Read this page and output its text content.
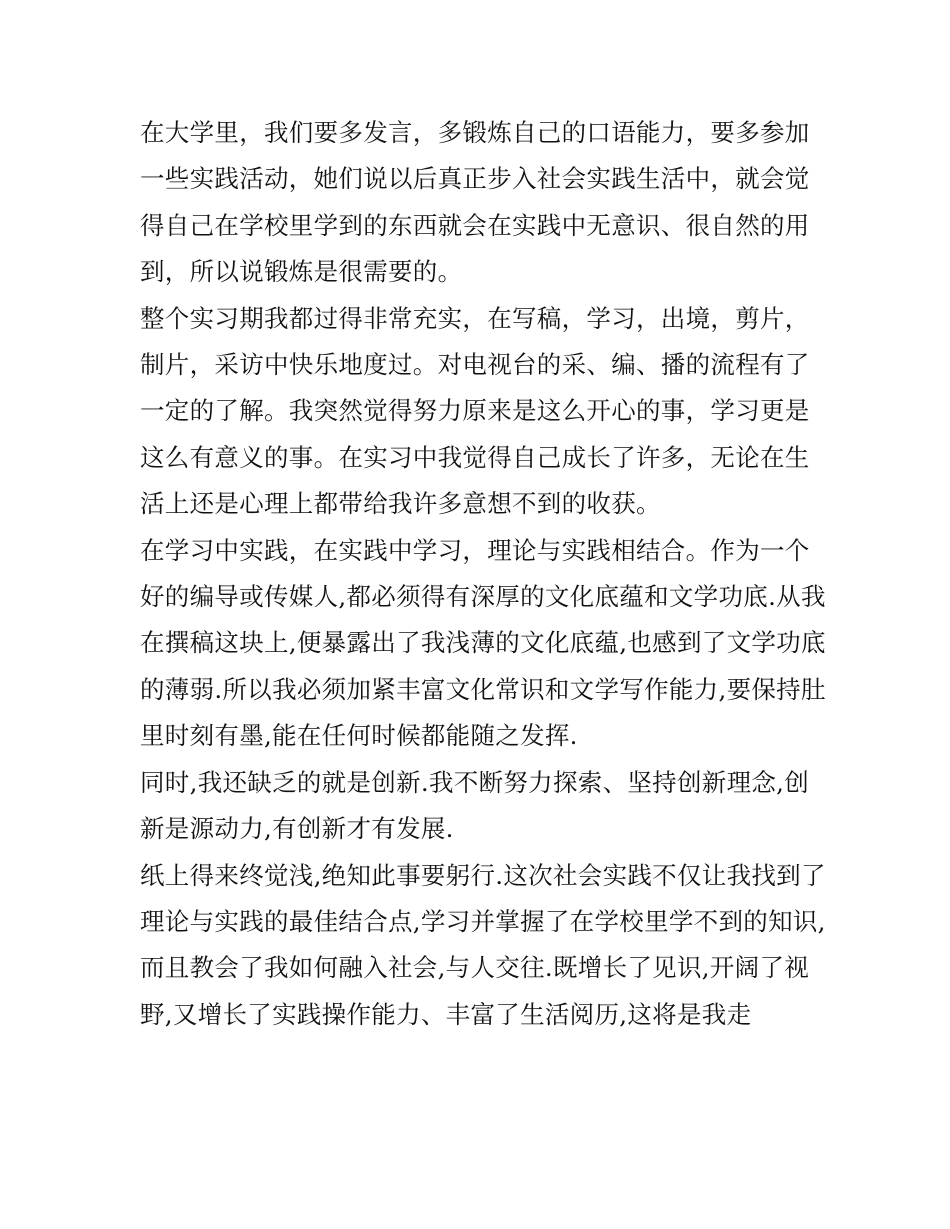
在大学里，我们要多发言，多锻炼自己的口语能力，要多参加一些实践活动，她们说以后真正步入社会实践生活中，就会觉得自己在学校里学到的东西就会在实践中无意识、很自然的用到，所以说锻炼是很需要的。

整个实习期我都过得非常充实，在写稿，学习，出境，剪片，制片，采访中快乐地度过。对电视台的采、编、播的流程有了一定的了解。我突然觉得努力原来是这么开心的事，学习更是这么有意义的事。在实习中我觉得自己成长了许多，无论在生活上还是心理上都带给我许多意想不到的收获。

在学习中实践，在实践中学习，理论与实践相结合。作为一个好的编导或传媒人,都必须得有深厚的文化底蕴和文学功底.从我在撰稿这块上,便暴露出了我浅薄的文化底蕴,也感到了文学功底的薄弱.所以我必须加紧丰富文化常识和文学写作能力,要保持肚里时刻有墨,能在任何时候都能随之发挥.

同时,我还缺乏的就是创新.我不断努力探索、坚持创新理念,创新是源动力,有创新才有发展.

纸上得来终觉浅,绝知此事要躬行.这次社会实践不仅让我找到了理论与实践的最佳结合点,学习并掌握了在学校里学不到的知识,而且教会了我如何融入社会,与人交往.既增长了见识,开阔了视野,又增长了实践操作能力、丰富了生活阅历,这将是我走
